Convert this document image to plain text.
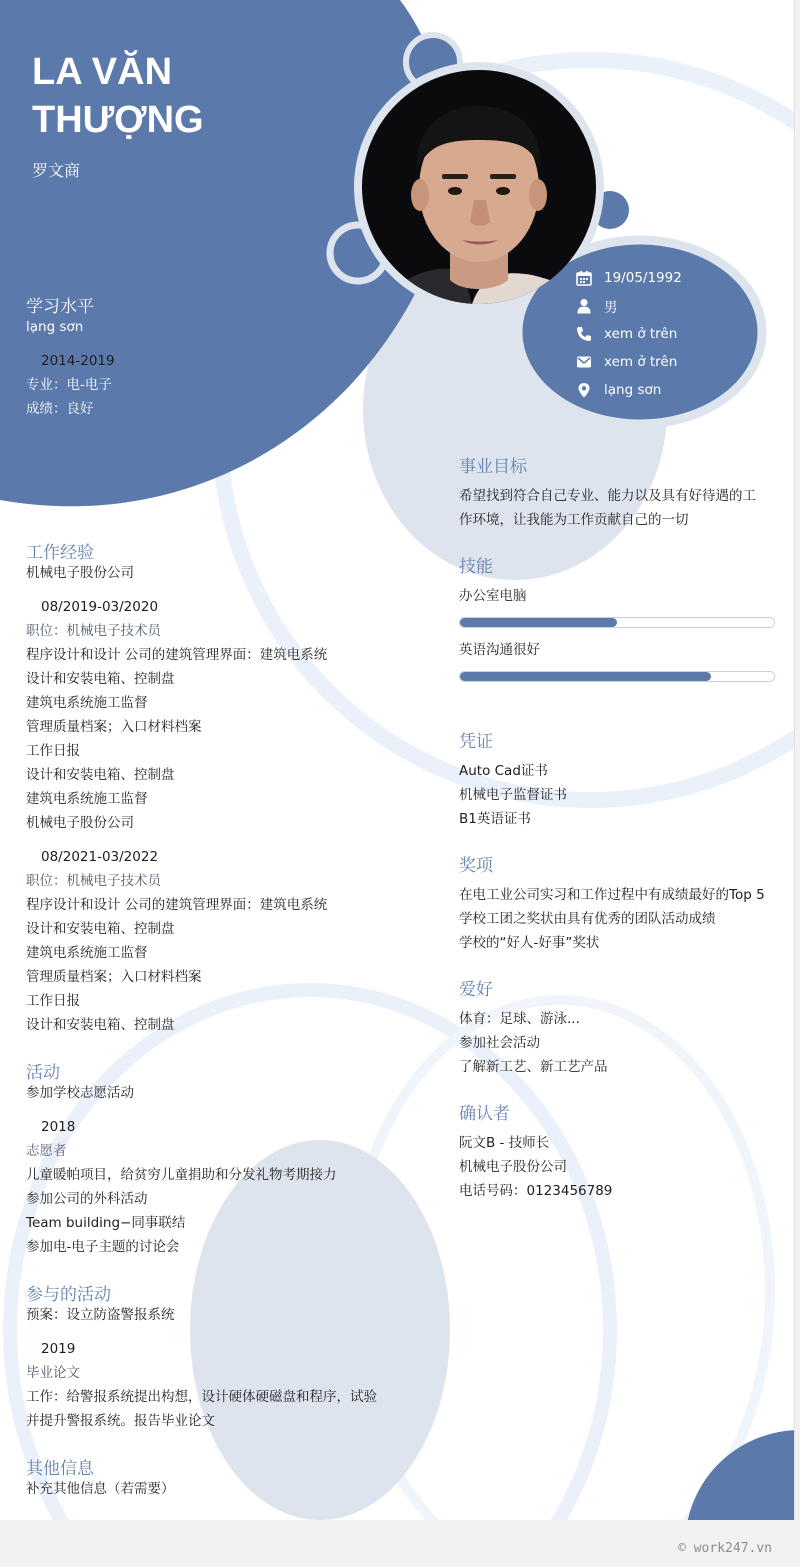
LA VĂN
THƯỢNG
罗文商
19/05/1992
男
xem ở trên
xem ở trên
lạng sơn
学习水平
lạng sơn
2014-2019
专业：电-电子
成绩：良好
工作经验
机械电子股份公司
08/2019-03/2020
职位：机械电子技术员
程序设计和设计 公司的建筑管理界面：建筑电系统
设计和安装电箱、控制盘
建筑电系统施工监督
管理质量档案；入口材料档案
工作日报
设计和安装电箱、控制盘
建筑电系统施工监督
机械电子股份公司
08/2021-03/2022
职位：机械电子技术员
程序设计和设计 公司的建筑管理界面：建筑电系统
设计和安装电箱、控制盘
建筑电系统施工监督
管理质量档案；入口材料档案
工作日报
设计和安装电箱、控制盘
活动
参加学校志愿活动
2018
志愿者
儿童暖帕项目，给贫穷儿童捐助和分发礼物考期接力
参加公司的外科活动
Team building−同事联结
参加电-电子主题的讨论会
参与的活动
预案：设立防盗警报系统
2019
毕业论文
工作：给警报系统提出构想，设计硬体硬磁盘和程序，试验
并提升警报系统。报告毕业论文
其他信息
补充其他信息（若需要）
事业目标
希望找到符合自己专业、能力以及具有好待遇的工
作环境，让我能为工作贡献自己的一切
技能
办公室电脑
英语沟通很好
凭证
Auto Cad证书
机械电子监督证书
B1英语证书
奖项
在电工业公司实习和工作过程中有成绩最好的Top 5
学校工团之奖状由具有优秀的团队活动成绩
学校的“好人-好事”奖状
爱好
体育：足球、游泳...
参加社会活动
了解新工艺、新工艺产品
确认者
阮文B - 技师长
机械电子股份公司
电话号码：0123456789
© work247.vn
